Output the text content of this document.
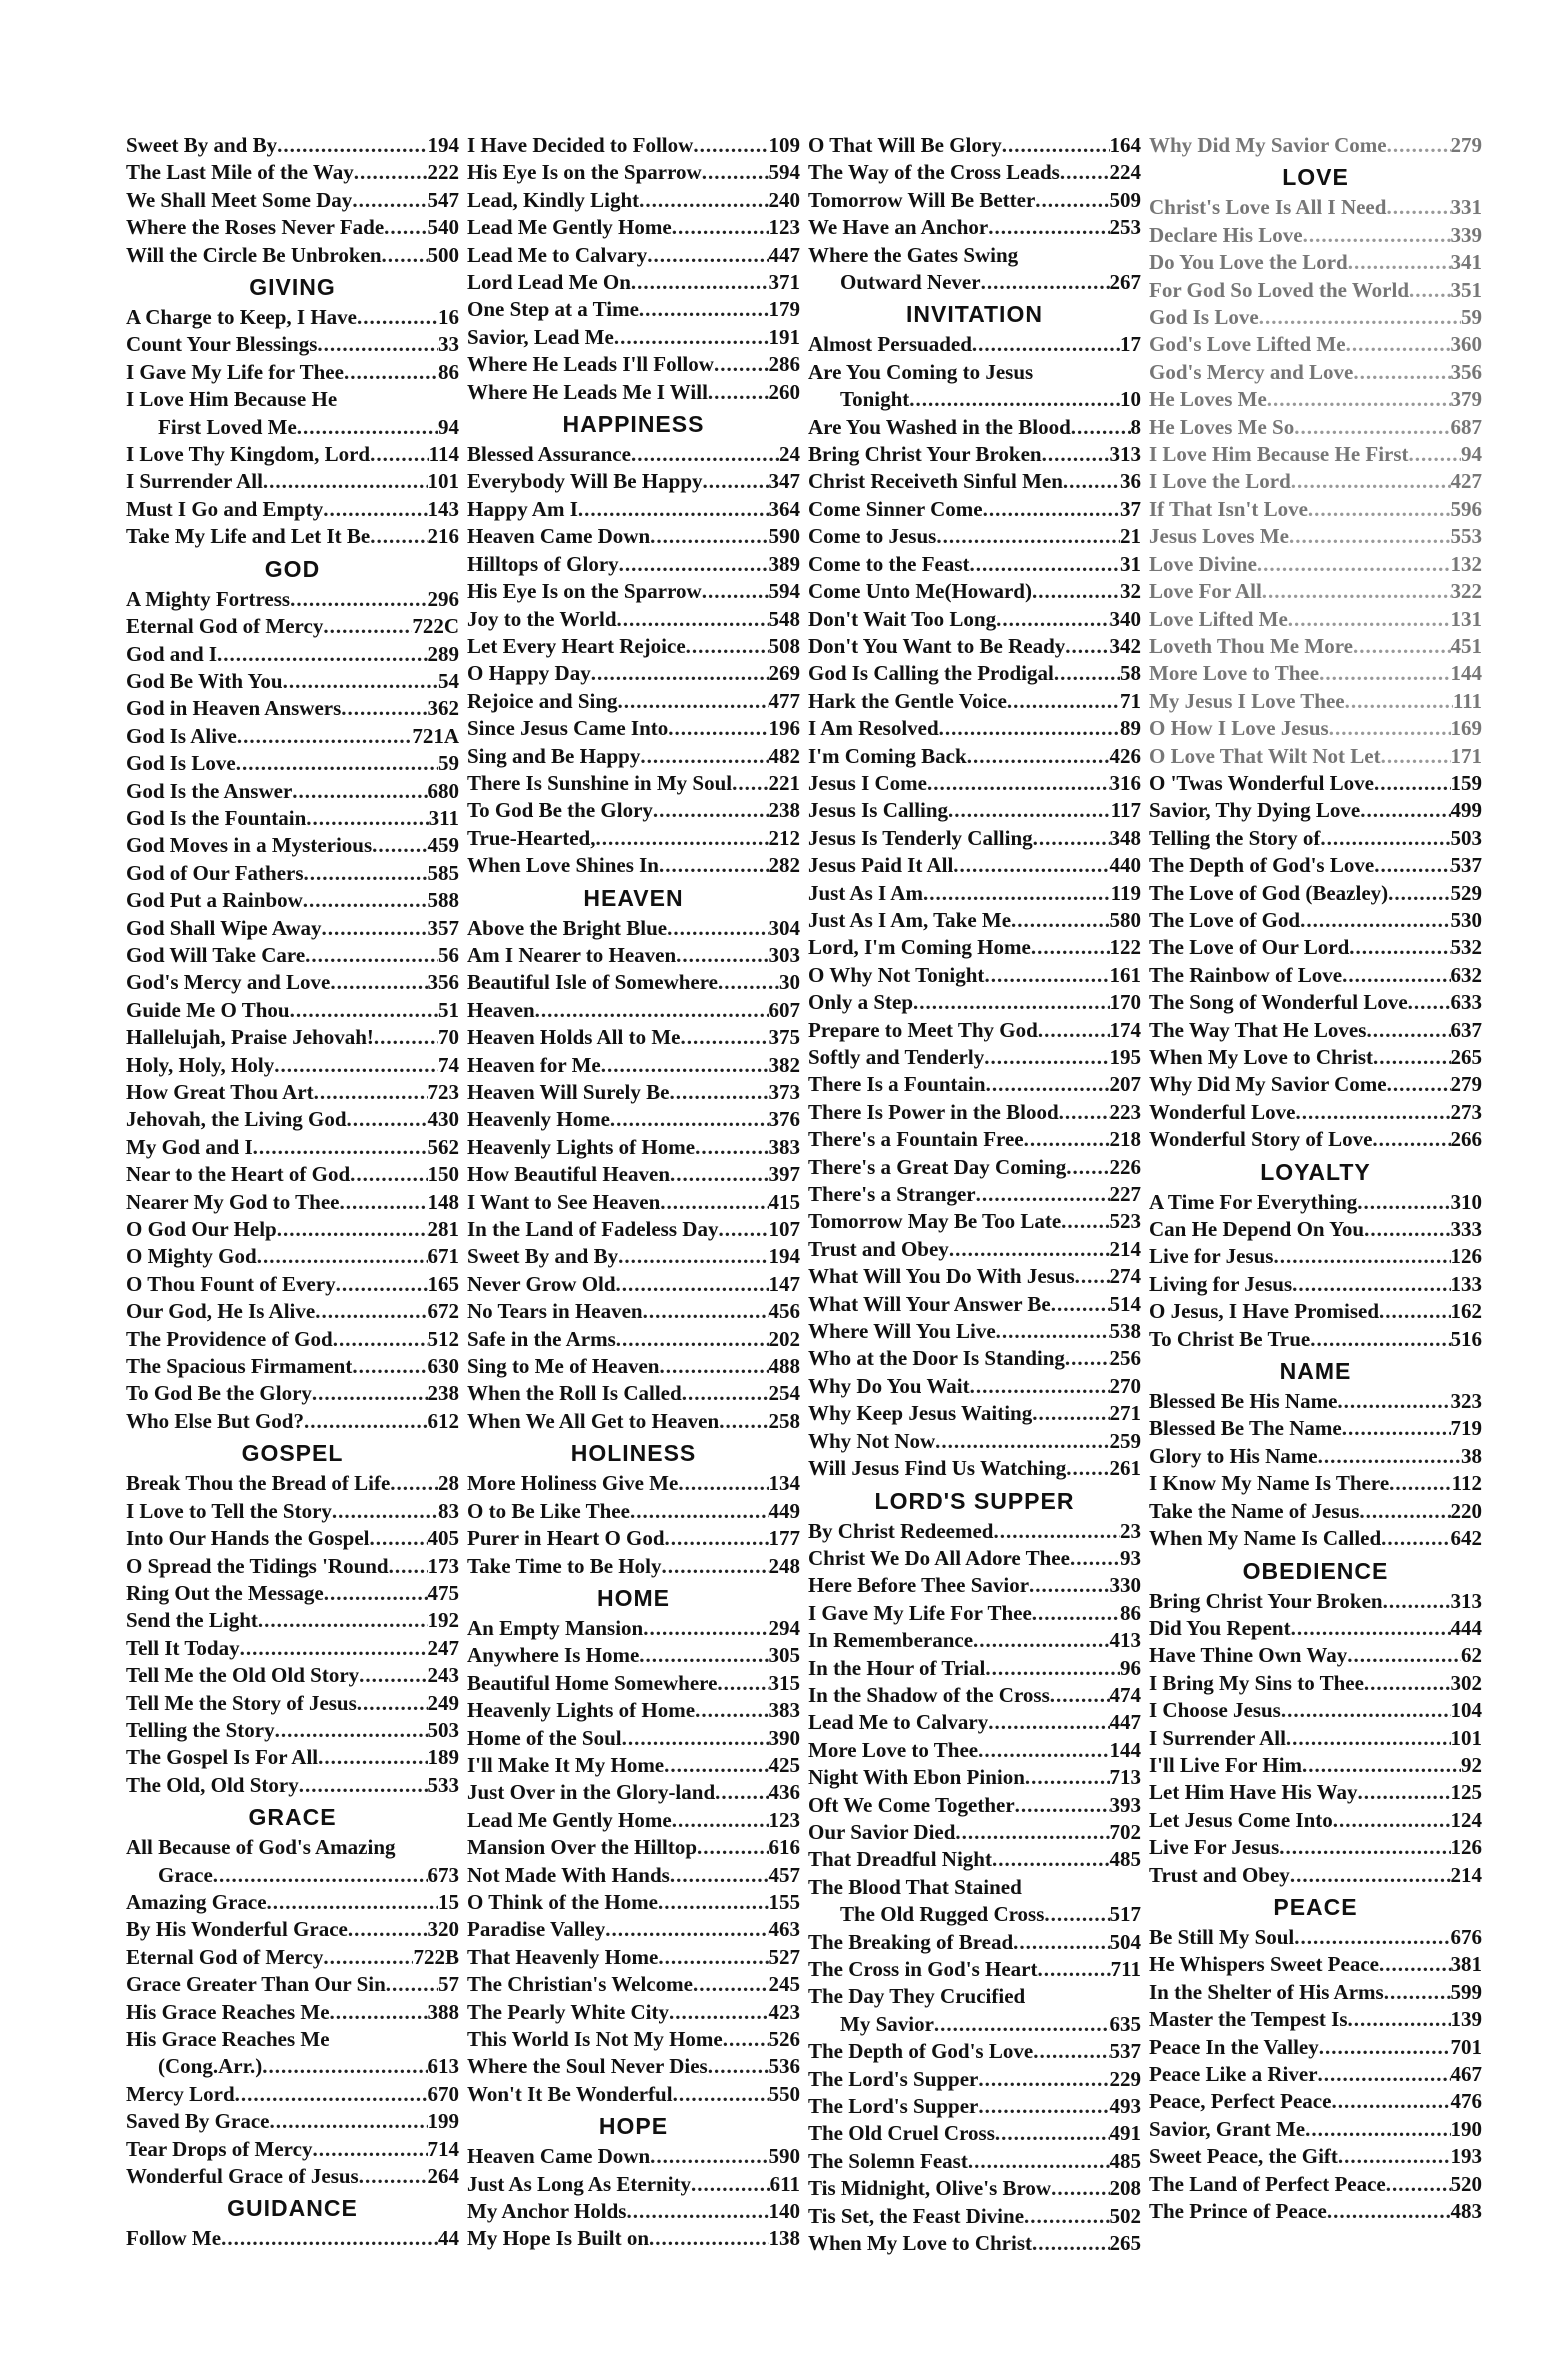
Sweet By and By .....	194
The Last Mile of the Way .....	222
We Shall Meet Some Day .....	547
Where the Roses Never Fade ..... 540
Will the Circle Be Unbroken ..... 500
GIVING
A Charge to Keep, I Have .....	16
Count Your Blessings .....	33
I Gave My Life for Thee .....	86
I Love Him Because He
First Loved Me .....	94
I Love Thy Kingdom, Lord .....	114
I Surrender All .....	101
Must I Go and Empty .....	143
Take My Life and Let It Be .....	216
GOD
A Mighty Fortress .....	296
Eternal God of Mercy .....	722C
God and I .....	289
God Be With You .....	54
God in Heaven Answers .....	362
God Is Alive .....	721A
God Is Love .....	59
God Is the Answer .....	680
God Is the Fountain .....	311
God Moves in a Mysterious .....	459
God of Our Fathers .....	585
God Put a Rainbow .....	588
God Shall Wipe Away .....	357
God Will Take Care .....	56
God's Mercy and Love .....	356
Guide Me O Thou .....	51
Hallelujah, Praise Jehovah! .....	70
Holy, Holy, Holy .....	74
How Great Thou Art .....	723
Jehovah, the Living God .....	430
My God and I .....	562
Near to the Heart of God .....	150
Nearer My God to Thee .....	148
O God Our Help .....	281
O Mighty God .....	671
O Thou Fount of Every .....	165
Our God, He Is Alive .....	672
The Providence of God .....	512
The Spacious Firmament .....	630
To God Be the Glory .....	238
Who Else But God? .....	612
GOSPEL
Break Thou the Bread of Life ..... 28
I Love to Tell the Story .....	83
Into Our Hands the Gospel .....	405
O Spread the Tidings 'Round ..... 173
Ring Out the Message .....	475
Send the Light .....	192
Tell It Today .....	247
Tell Me the Old Old Story .....	243
Tell Me the Story of Jesus .....	249
Telling the Story .....	503
The Gospel Is For All .....	189
The Old, Old Story .....	533
GRACE
All Because of God's Amazing
Grace .....	673
Amazing Grace .....	15
By His Wonderful Grace .....	320
Eternal God of Mercy .....	722B
Grace Greater Than Our Sin ..... 57
His Grace Reaches Me .....	388
His Grace Reaches Me
(Cong.Arr.) .....	613
Mercy Lord .....	670
Saved By Grace .....	199
Tear Drops of Mercy .....	714
Wonderful Grace of Jesus .....	264
GUIDANCE
Follow Me .....	44
I Have Decided to Follow .....	109
His Eye Is on the Sparrow .....	594
Lead, Kindly Light .....	240
Lead Me Gently Home .....	123
Lead Me to Calvary .....	447
Lord Lead Me On .....	371
One Step at a Time .....	179
Savior, Lead Me .....	191
Where He Leads I'll Follow .....	286
Where He Leads Me I Will .....	260
HAPPINESS
Blessed Assurance .....	24
Everybody Will Be Happy .....	347
Happy Am I .....	364
Heaven Came Down .....	590
Hilltops of Glory .....	389
His Eye Is on the Sparrow .....	594
Joy to the World .....	548
Let Every Heart Rejoice .....	508
O Happy Day .....	269
Rejoice and Sing .....	477
Since Jesus Came Into .....	196
Sing and Be Happy .....	482
There Is Sunshine in My Soul ..... 221
To God Be the Glory .....	238
True-Hearted, .....	212
When Love Shines In .....	282
HEAVEN
Above the Bright Blue .....	304
Am I Nearer to Heaven .....	303
Beautiful Isle of Somewhere .....	30
Heaven .....	607
Heaven Holds All to Me .....	375
Heaven for Me .....	382
Heaven Will Surely Be .....	373
Heavenly Home .....	376
Heavenly Lights of Home .....	383
How Beautiful Heaven .....	397
I Want to See Heaven .....	415
In the Land of Fadeless Day ..... 107
Sweet By and By .....	194
Never Grow Old .....	147
No Tears in Heaven .....	456
Safe in the Arms .....	202
Sing to Me of Heaven .....	488
When the Roll Is Called .....	254
When We All Get to Heaven ..... 258
HOLINESS
More Holiness Give Me .....	134
O to Be Like Thee .....	449
Purer in Heart O God .....	177
Take Time to Be Holy .....	248
HOME
An Empty Mansion .....	294
Anywhere Is Home .....	305
Beautiful Home Somewhere ..... 315
Heavenly Lights of Home .....	383
Home of the Soul .....	390
I'll Make It My Home .....	425
Just Over in the Glory-land .....	436
Lead Me Gently Home .....	123
Mansion Over the Hilltop .....	616
Not Made With Hands .....	457
O Think of the Home .....	155
Paradise Valley .....	463
That Heavenly Home .....	527
The Christian's Welcome .....	245
The Pearly White City .....	423
This World Is Not My Home ..... 526
Where the Soul Never Dies .....	536
Won't It Be Wonderful .....	550
HOPE
Heaven Came Down .....	590
Just As Long As Eternity .....	611
My Anchor Holds .....	140
My Hope Is Built on .....	138
O That Will Be Glory .....	164
The Way of the Cross Leads ..... 224
Tomorrow Will Be Better .....	509
We Have an Anchor .....	253
Where the Gates Swing
Outward Never .....	267
INVITATION
Almost Persuaded .....	17
Are You Coming to Jesus
Tonight .....	10
Are You Washed in the Blood .....	8
Bring Christ Your Broken .....	313
Christ Receiveth Sinful Men .....	36
Come Sinner Come .....	37
Come to Jesus .....	21
Come to the Feast .....	31
Come Unto Me(Howard) .....	32
Don't Wait Too Long .....	340
Don't You Want to Be Ready ..... 342
God Is Calling the Prodigal .....	58
Hark the Gentle Voice .....	71
I Am Resolved .....	89
I'm Coming Back .....	426
Jesus I Come .....	316
Jesus Is Calling .....	117
Jesus Is Tenderly Calling .....	348
Jesus Paid It All .....	440
Just As I Am .....	119
Just As I Am, Take Me .....	580
Lord, I'm Coming Home .....	122
O Why Not Tonight .....	161
Only a Step .....	170
Prepare to Meet Thy God .....	174
Softly and Tenderly .....	195
There Is a Fountain .....	207
There Is Power in the Blood ..... 223
There's a Fountain Free .....	218
There's a Great Day Coming ..... 226
There's a Stranger .....	227
Tomorrow May Be Too Late ..... 523
Trust and Obey .....	214
What Will You Do With Jesus ..... 274
What Will Your Answer Be .....	514
Where Will You Live .....	538
Who at the Door Is Standing ..... 256
Why Do You Wait .....	270
Why Keep Jesus Waiting .....	271
Why Not Now .....	259
Will Jesus Find Us Watching ..... 261
LORD'S SUPPER
By Christ Redeemed .....	23
Christ We Do All Adore Thee ..... 93
Here Before Thee Savior .....	330
I Gave My Life For Thee .....	86
In Rememberance .....	413
In the Hour of Trial .....	96
In the Shadow of the Cross .....	474
Lead Me to Calvary .....	447
More Love to Thee .....	144
Night With Ebon Pinion .....	713
Oft We Come Together .....	393
Our Savior Died .....	702
That Dreadful Night .....	485
The Blood That Stained
The Old Rugged Cross .....	517
The Breaking of Bread .....	504
The Cross in God's Heart .....	711
The Day They Crucified
My Savior .....	635
The Depth of God's Love .....	537
The Lord's Supper .....	229
The Lord's Supper .....	493
The Old Cruel Cross .....	491
The Solemn Feast .....	485
Tis Midnight, Olive's Brow .....	208
Tis Set, the Feast Divine .....	502
When My Love to Christ .....	265
Why Did My Savior Come .....	279
LOVE
Christ's Love Is All I Need .....	331
Declare His Love .....	339
Do You Love the Lord .....	341
For God So Loved the World ..... 351
God Is Love .....	59
God's Love Lifted Me .....	360
God's Mercy and Love .....	356
He Loves Me .....	379
He Loves Me So .....	687
I Love Him Because He First ..... 94
I Love the Lord .....	427
If That Isn't Love .....	596
Jesus Loves Me .....	553
Love Divine .....	132
Love For All .....	322
Love Lifted Me .....	131
Loveth Thou Me More .....	451
More Love to Thee .....	144
My Jesus I Love Thee .....	111
O How I Love Jesus .....	169
O Love That Wilt Not Let .....	171
O 'Twas Wonderful Love .....	159
Savior, Thy Dying Love .....	499
Telling the Story of .....	503
The Depth of God's Love .....	537
The Love of God (Beazley) .....	529
The Love of God .....	530
The Love of Our Lord .....	532
The Rainbow of Love .....	632
The Song of Wonderful Love ..... 633
The Way That He Loves .....	637
When My Love to Christ .....	265
Why Did My Savior Come .....	279
Wonderful Love .....	273
Wonderful Story of Love .....	266
LOYALTY
A Time For Everything .....	310
Can He Depend On You .....	333
Live for Jesus .....	126
Living for Jesus .....	133
O Jesus, I Have Promised .....	162
To Christ Be True .....	516
NAME
Blessed Be His Name .....	323
Blessed Be The Name .....	719
Glory to His Name .....	38
I Know My Name Is There .....	112
Take the Name of Jesus .....	220
When My Name Is Called .....	642
OBEDIENCE
Bring Christ Your Broken .....	313
Did You Repent .....	444
Have Thine Own Way .....	62
I Bring My Sins to Thee .....	302
I Choose Jesus .....	104
I Surrender All .....	101
I'll Live For Him .....	92
Let Him Have His Way .....	125
Let Jesus Come Into .....	124
Live For Jesus .....	126
Trust and Obey .....	214
PEACE
Be Still My Soul .....	676
He Whispers Sweet Peace .....	381
In the Shelter of His Arms .....	599
Master the Tempest Is .....	139
Peace In the Valley .....	701
Peace Like a River .....	467
Peace, Perfect Peace .....	476
Savior, Grant Me .....	190
Sweet Peace, the Gift .....	193
The Land of Perfect Peace .....	520
The Prince of Peace .....	483
